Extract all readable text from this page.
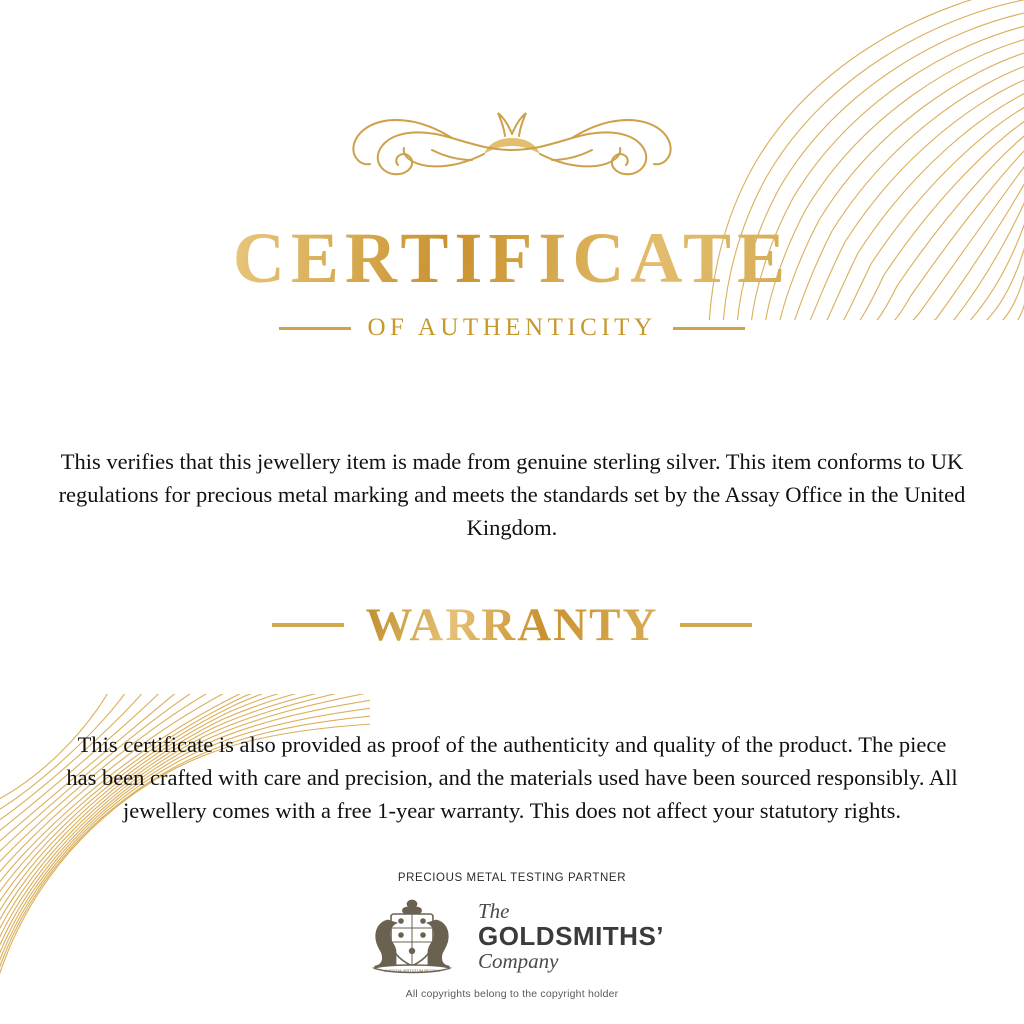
CERTIFICATE
OF AUTHENTICITY

This verifies that this jewellery item is made from genuine sterling silver. This item conforms to UK regulations for precious metal marking and meets the standards set by the Assay Office in the United Kingdom.

WARRANTY

This certificate is also provided as proof of the authenticity and quality of the product. The piece has been crafted with care and precision, and the materials used have been sourced responsibly. All jewellery comes with a free 1-year warranty. This does not affect your statutory rights.

PRECIOUS METAL TESTING PARTNER

JUSTITIA VIRTUTUM REGINA
The
GOLDSMITHS’
Company

All copyrights belong to the copyright holder
